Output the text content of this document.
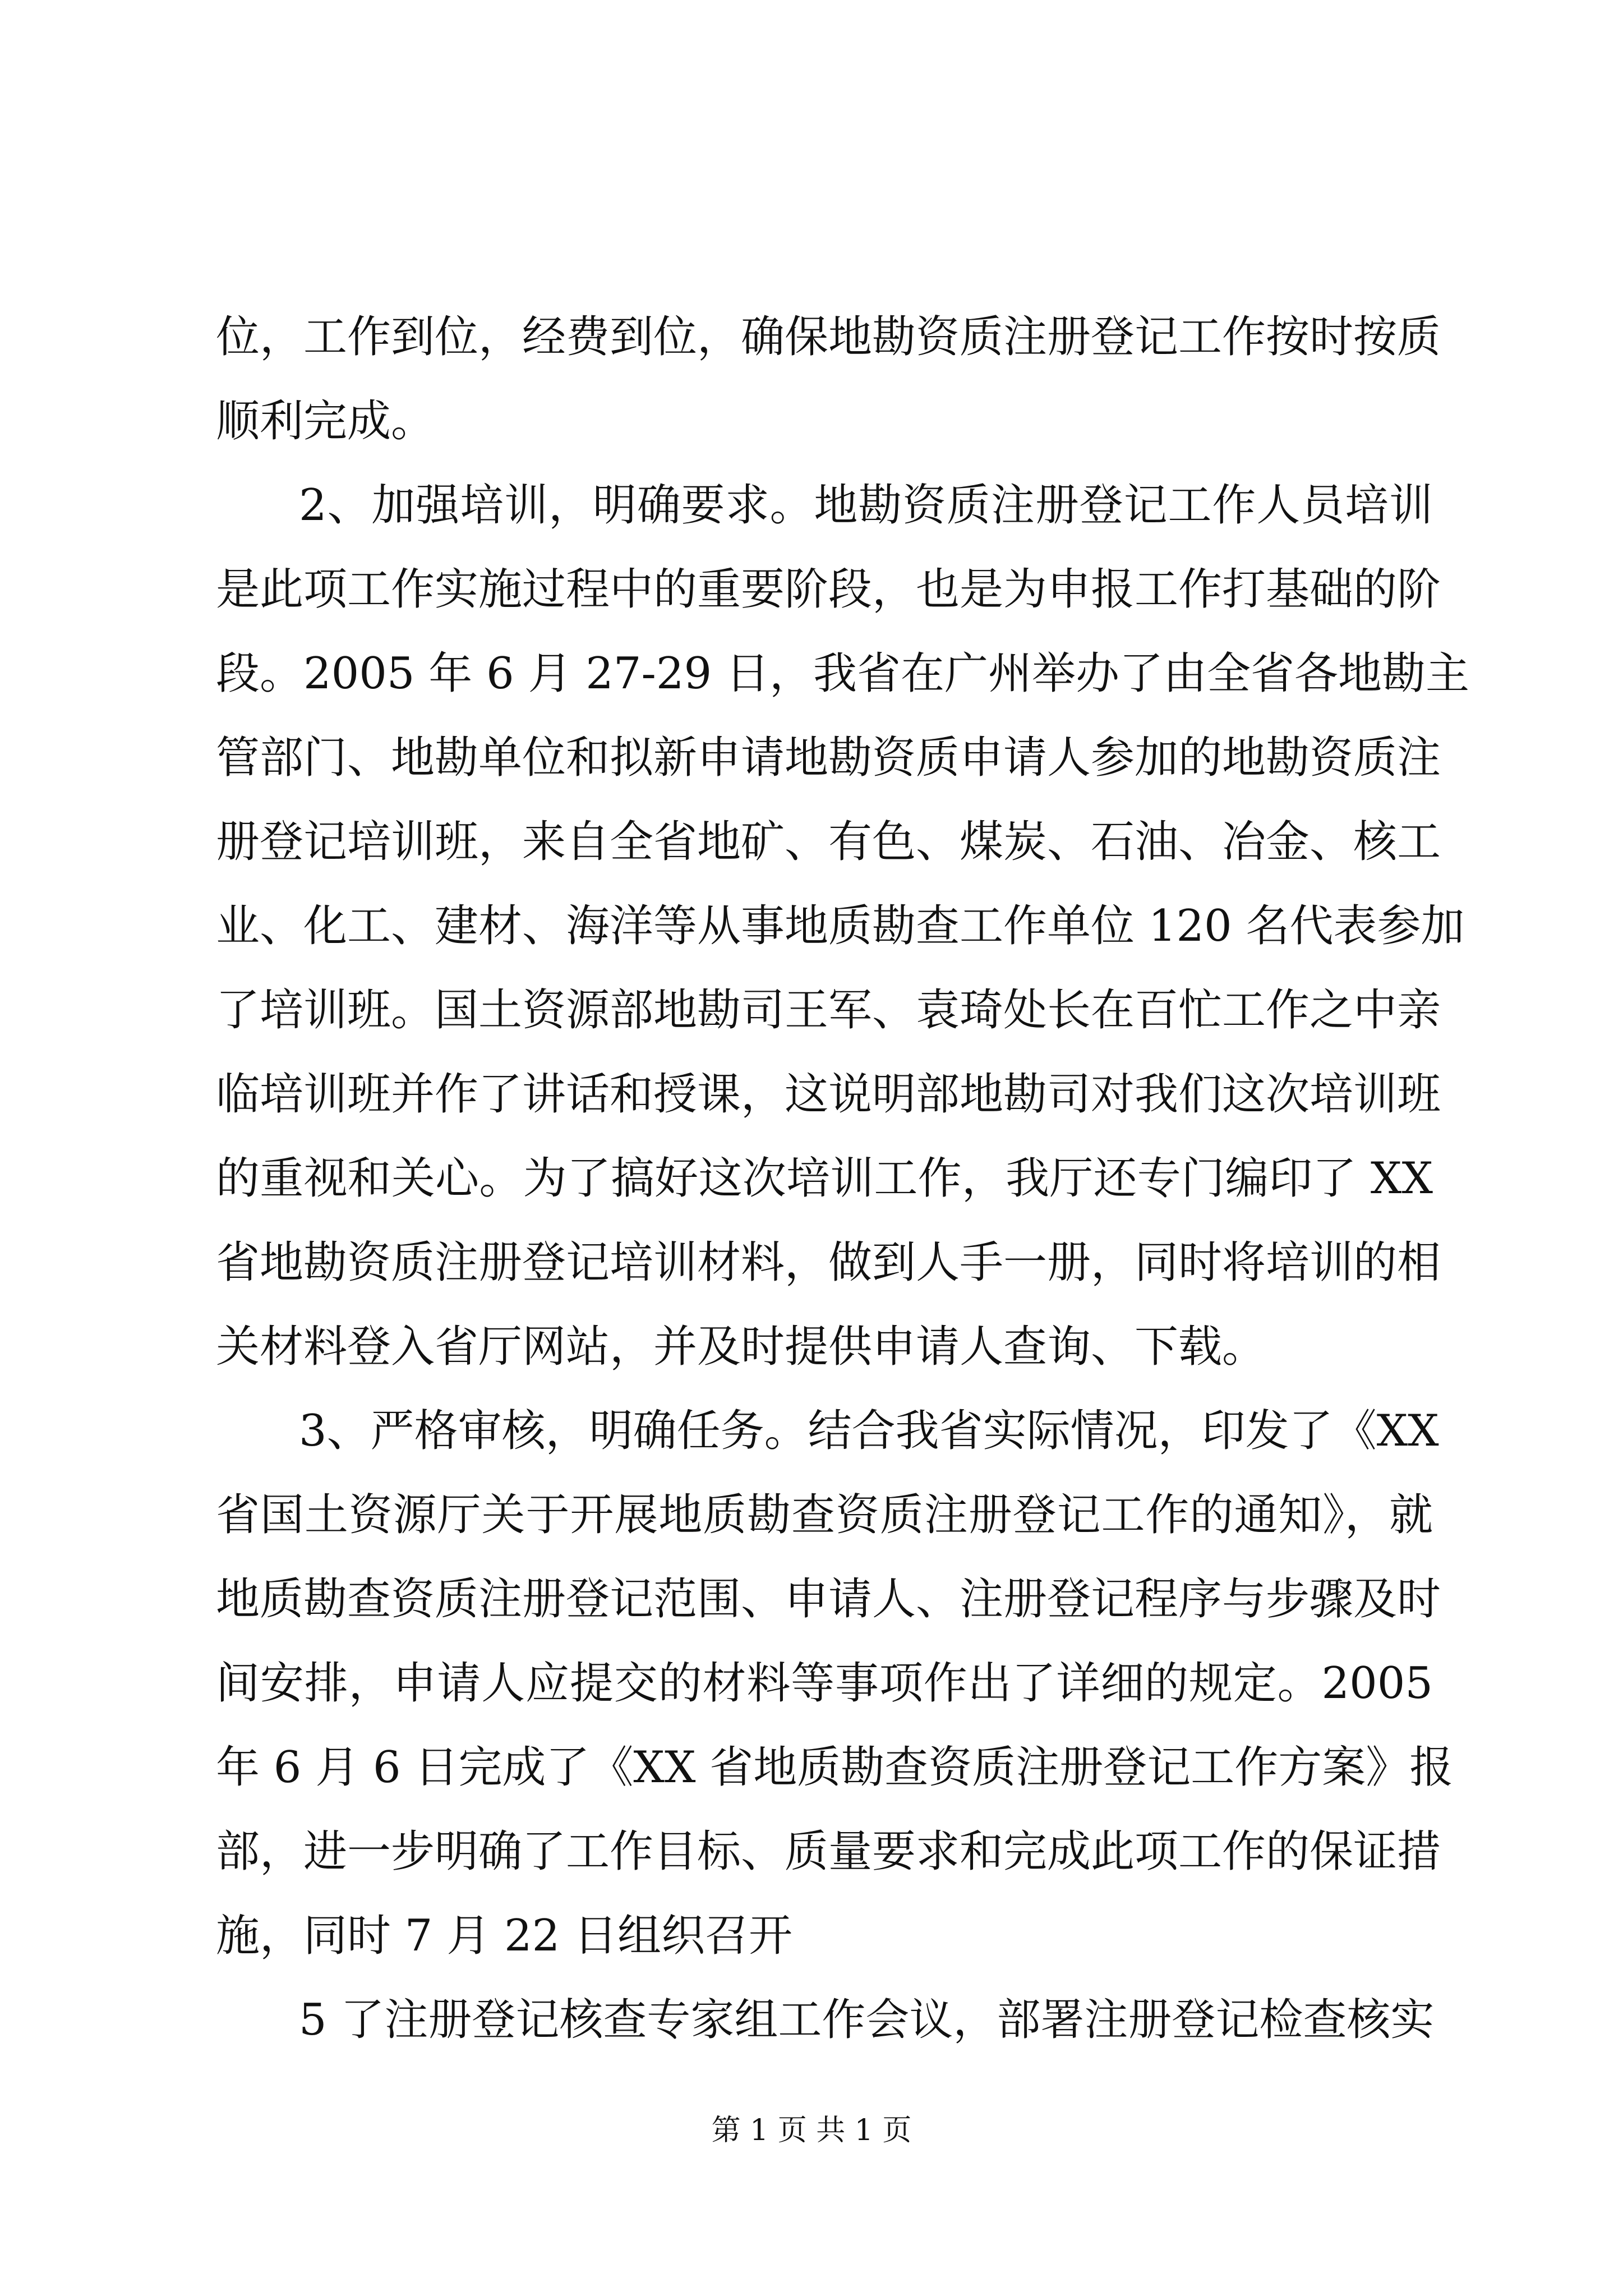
位，工作到位，经费到位，确保地勘资质注册登记工作按时按质
顺利完成。
2、加强培训，明确要求。地勘资质注册登记工作人员培训
是此项工作实施过程中的重要阶段，也是为申报工作打基础的阶
段。2005 年 6 月 27-29 日，我省在广州举办了由全省各地勘主
管部门、地勘单位和拟新申请地勘资质申请人参加的地勘资质注
册登记培训班，来自全省地矿、有色、煤炭、石油、冶金、核工
业、化工、建材、海洋等从事地质勘查工作单位 120 名代表参加
了培训班。国土资源部地勘司王军、袁琦处长在百忙工作之中亲
临培训班并作了讲话和授课，这说明部地勘司对我们这次培训班
的重视和关心。为了搞好这次培训工作，我厅还专门编印了 XX
省地勘资质注册登记培训材料，做到人手一册，同时将培训的相
关材料登入省厅网站，并及时提供申请人查询、下载。
3、严格审核，明确任务。结合我省实际情况，印发了《XX
省国土资源厅关于开展地质勘查资质注册登记工作的通知》，就
地质勘查资质注册登记范围、申请人、注册登记程序与步骤及时
间安排，申请人应提交的材料等事项作出了详细的规定。2005
年 6 月 6 日完成了《XX 省地质勘查资质注册登记工作方案》报
部，进一步明确了工作目标、质量要求和完成此项工作的保证措
施，同时 7 月 22 日组织召开
5 了注册登记核查专家组工作会议，部署注册登记检查核实
第 1 页 共 1 页
